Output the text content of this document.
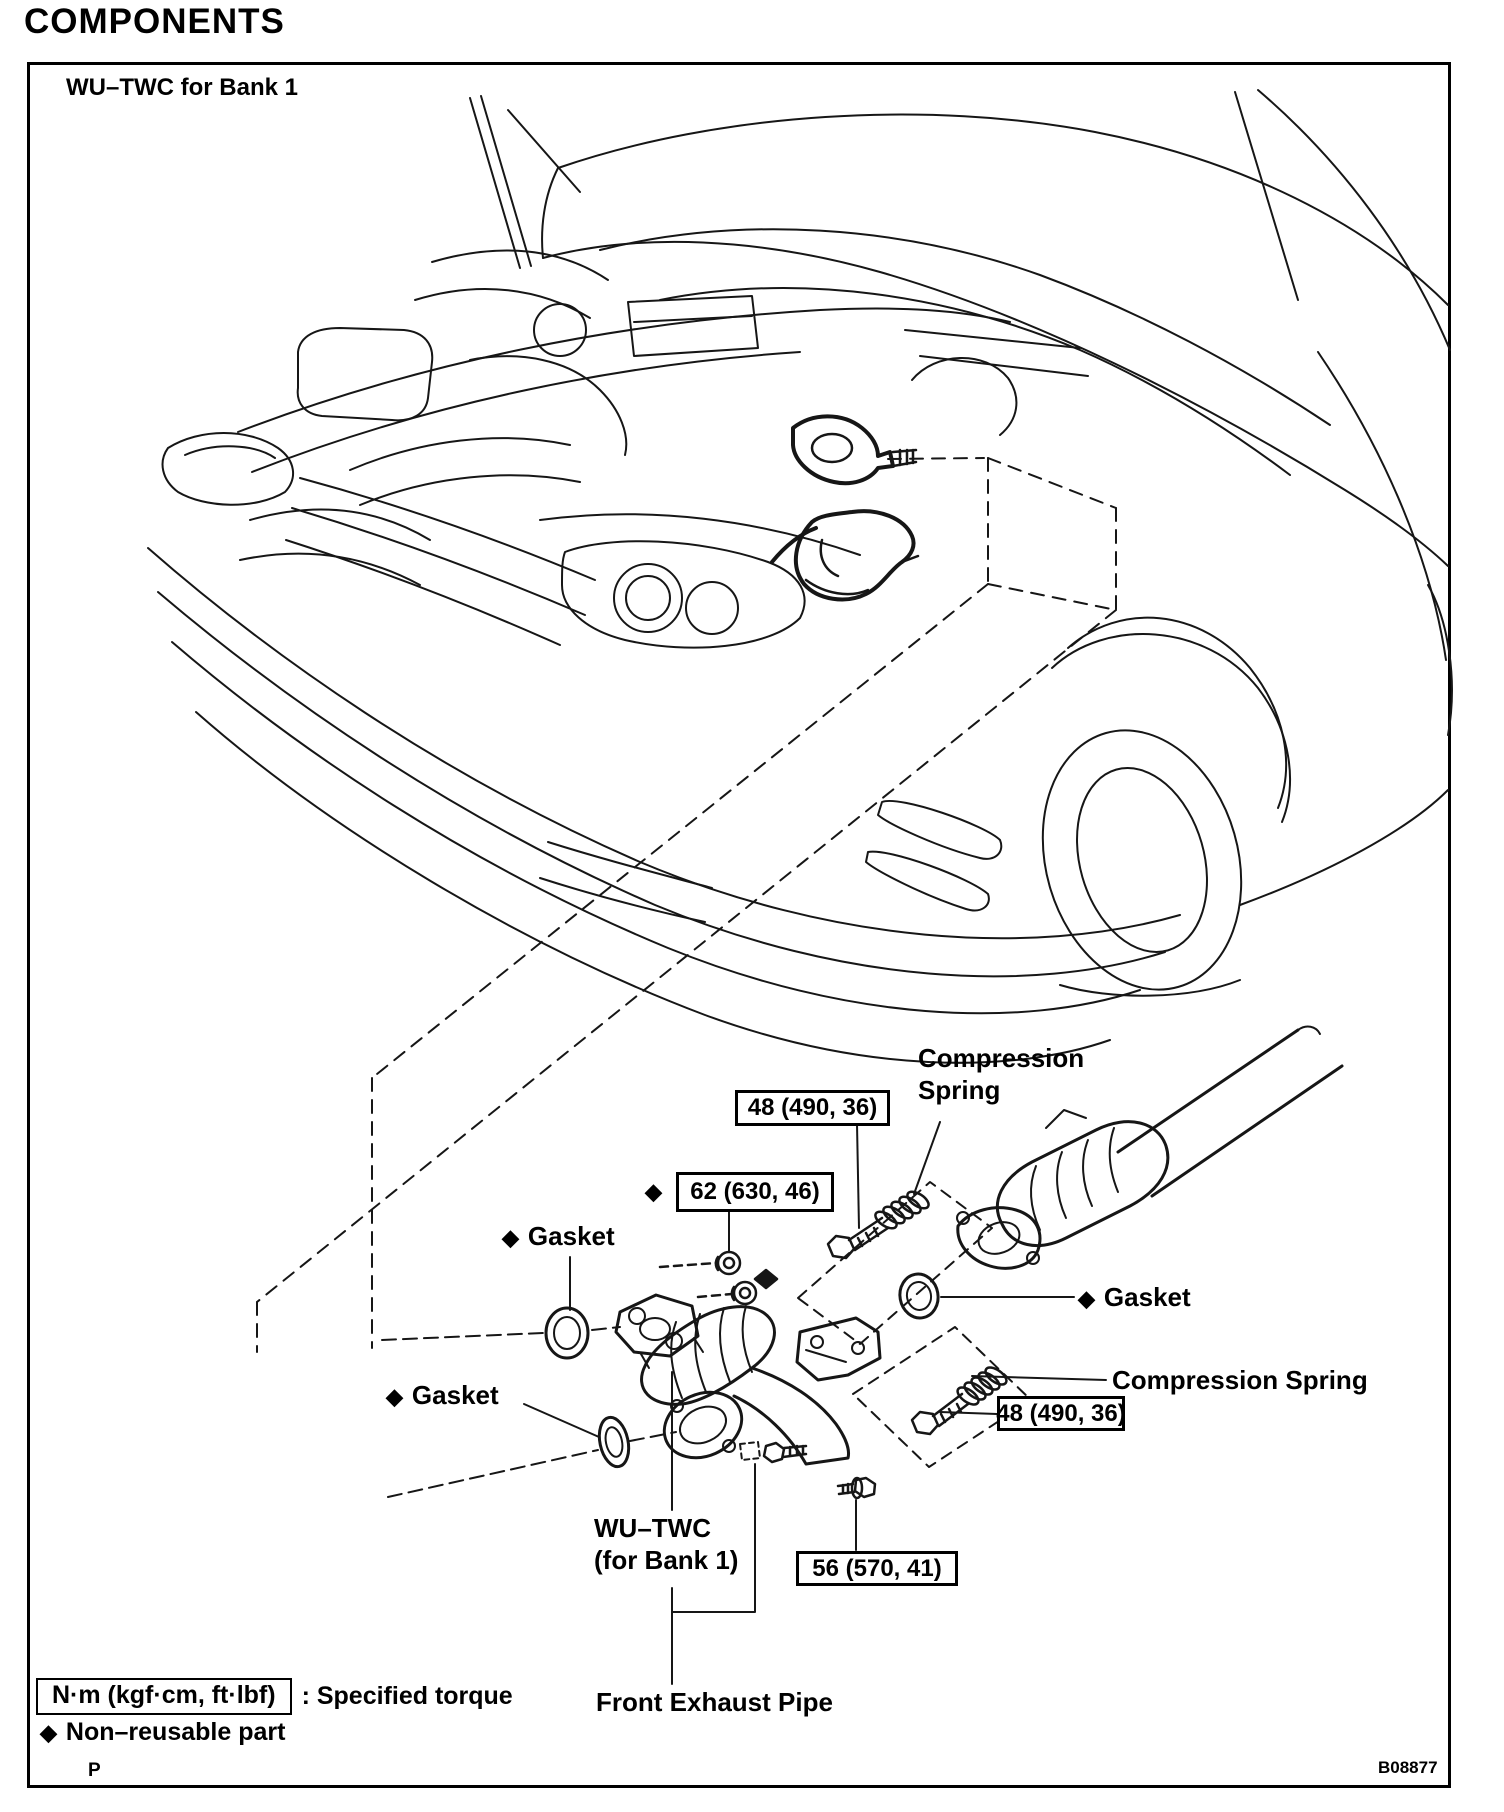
COMPONENTS
WU–TWC for Bank 1
Compression Spring
48 (490, 36)
◆	62 (630, 46)
◆ Gasket
◆ Gasket
◆ Gasket
Compression Spring
48 (490, 36)
56 (570, 41)
WU–TWC
(for Bank 1)
Front Exhaust Pipe
N·m (kgf·cm, ft·lbf)	: Specified torque
◆ Non–reusable part
P	B08877
